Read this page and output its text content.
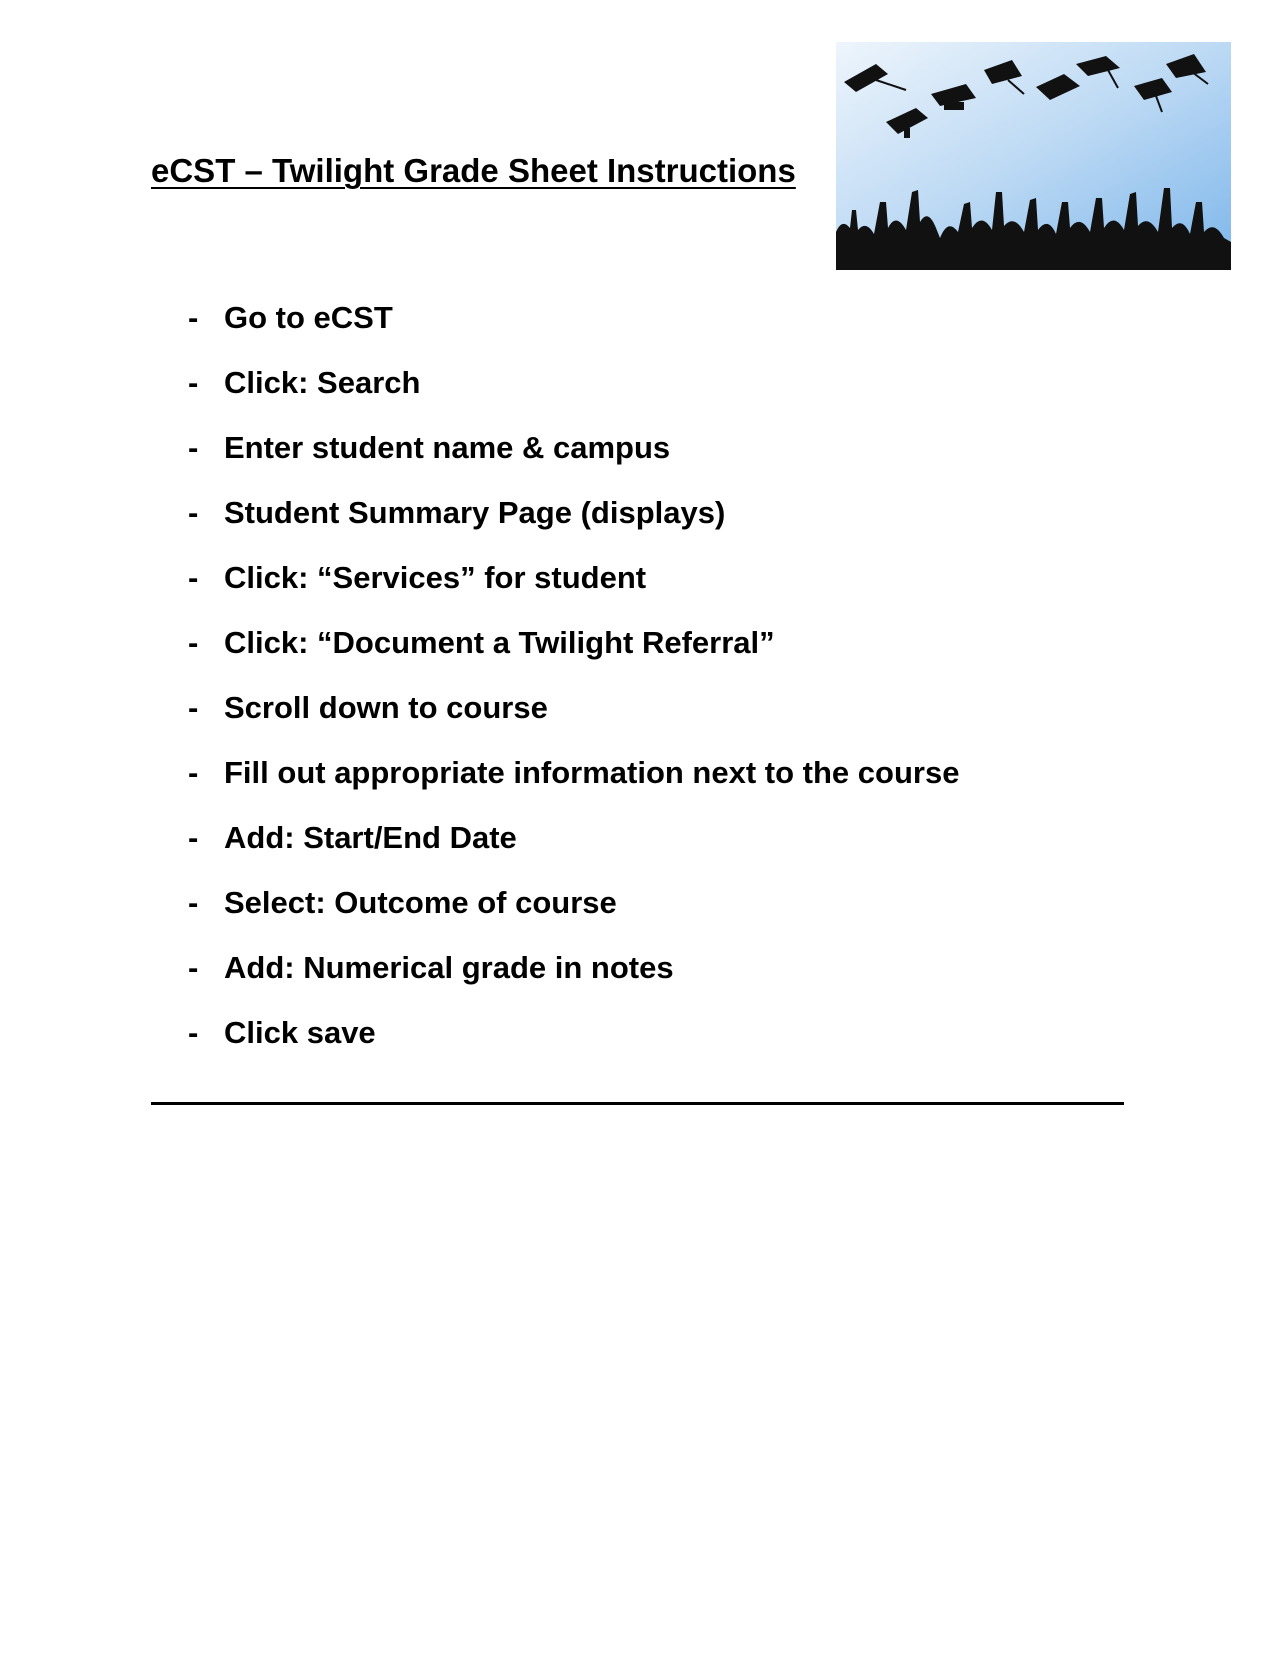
eCST – Twilight Grade Sheet Instructions
- Go to eCST
- Click: Search
- Enter student name & campus
- Student Summary Page (displays)
- Click: “Services” for student
- Click: “Document a Twilight Referral”
- Scroll down to course
- Fill out appropriate information next to the course
- Add: Start/End Date
- Select: Outcome of course
- Add: Numerical grade in notes
- Click save
